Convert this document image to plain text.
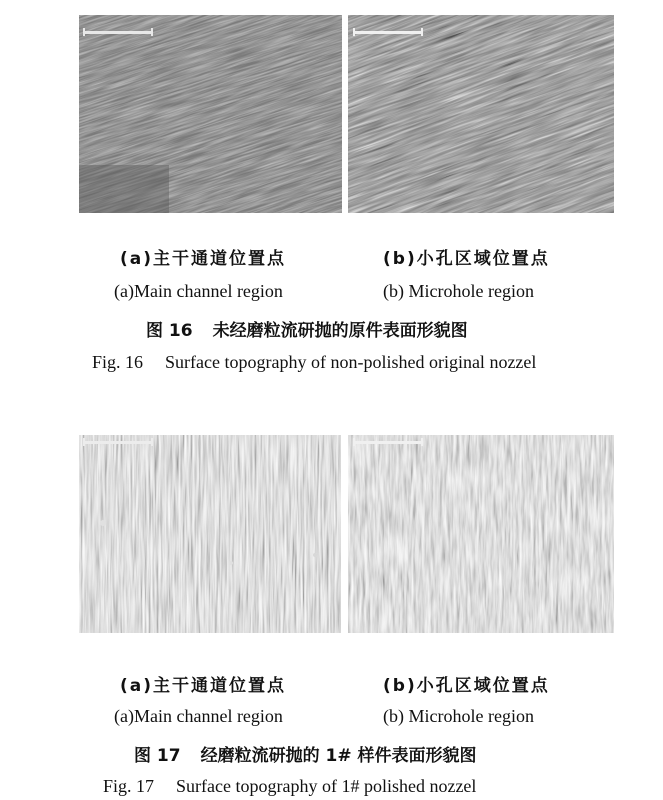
(a)主干通道位置点	(b)小孔区域位置点
(a)Main channel region	(b) Microhole region
图 16 未经磨粒流研抛的原件表面形貌图
Fig. 16 Surface topography of non-polished original nozzel
(a)主干通道位置点	(b)小孔区域位置点
(a)Main channel region	(b) Microhole region
图 17 经磨粒流研抛的 1# 样件表面形貌图
Fig. 17 Surface topography of 1# polished nozzel
